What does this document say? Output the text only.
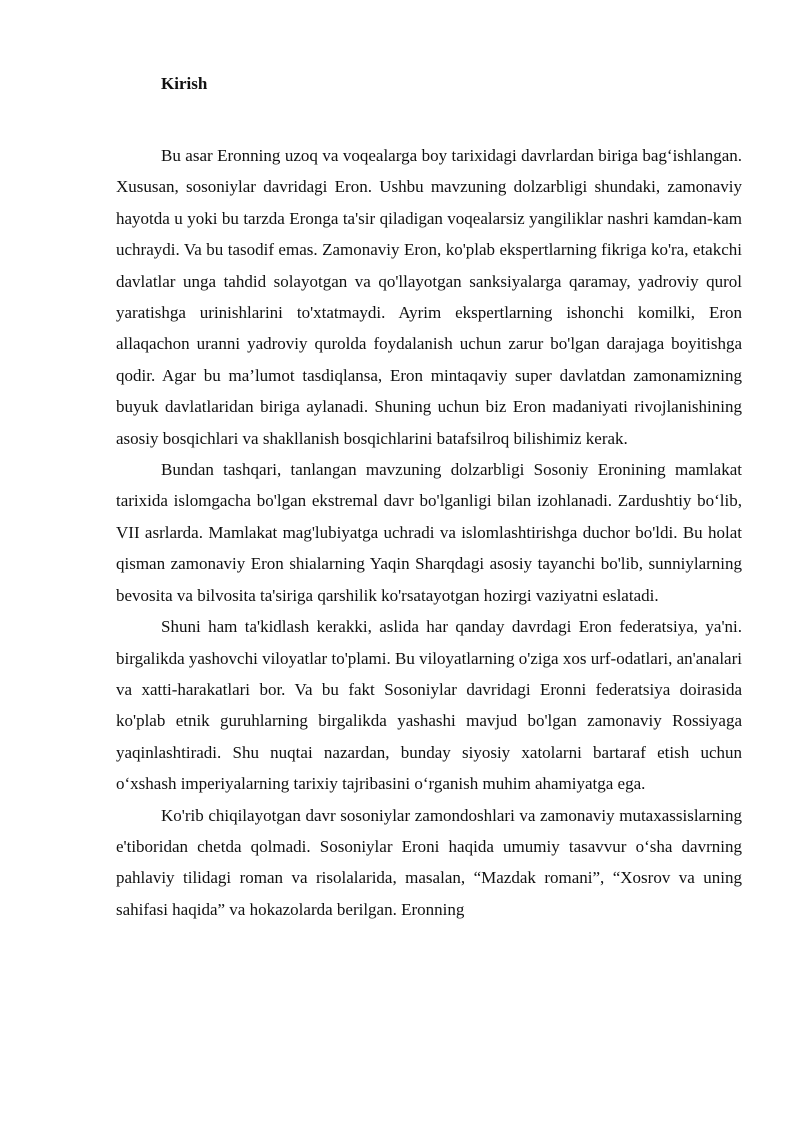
Kirish

Bu asar Eronning uzoq va voqealarga boy tarixidagi davrlardan biriga bag‘ishlangan. Xususan, sosoniylar davridagi Eron. Ushbu mavzuning dolzarbligi shundaki, zamonaviy hayotda u yoki bu tarzda Eronga ta'sir qiladigan voqealarsiz yangiliklar nashri kamdan-kam uchraydi. Va bu tasodif emas. Zamonaviy Eron, ko'plab ekspertlarning fikriga ko'ra, etakchi davlatlar unga tahdid solayotgan va qo'llayotgan sanksiyalarga qaramay, yadroviy qurol yaratishga urinishlarini to'xtatmaydi. Ayrim ekspertlarning ishonchi komilki, Eron allaqachon uranni yadroviy qurolda foydalanish uchun zarur bo'lgan darajaga boyitishga qodir. Agar bu ma’lumot tasdiqlansa, Eron mintaqaviy super davlatdan zamonamizning buyuk davlatlaridan biriga aylanadi. Shuning uchun biz Eron madaniyati rivojlanishining asosiy bosqichlari va shakllanish bosqichlarini batafsilroq bilishimiz kerak.

Bundan tashqari, tanlangan mavzuning dolzarbligi Sosoniy Eronining mamlakat tarixida islomgacha bo'lgan ekstremal davr bo'lganligi bilan izohlanadi. Zardushtiy bo‘lib, VII asrlarda. Mamlakat mag'lubiyatga uchradi va islomlashtirishga duchor bo'ldi. Bu holat qisman zamonaviy Eron shialarning Yaqin Sharqdagi asosiy tayanchi bo'lib, sunniylarning bevosita va bilvosita ta'siriga qarshilik ko'rsatayotgan hozirgi vaziyatni eslatadi.

Shuni ham ta'kidlash kerakki, aslida har qanday davrdagi Eron federatsiya, ya'ni. birgalikda yashovchi viloyatlar to'plami. Bu viloyatlarning o'ziga xos urf-odatlari, an'analari va xatti-harakatlari bor. Va bu fakt Sosoniylar davridagi Eronni federatsiya doirasida ko'plab etnik guruhlarning birgalikda yashashi mavjud bo'lgan zamonaviy Rossiyaga yaqinlashtiradi. Shu nuqtai nazardan, bunday siyosiy xatolarni bartaraf etish uchun o‘xshash imperiyalarning tarixiy tajribasini o‘rganish muhim ahamiyatga ega.

Ko'rib chiqilayotgan davr sosoniylar zamondoshlari va zamonaviy mutaxassislarning e'tiboridan chetda qolmadi. Sosoniylar Eroni haqida umumiy tasavvur o‘sha davrning pahlaviy tilidagi roman va risolalarida, masalan, “Mazdak romani”, “Xosrov va uning sahifasi haqida” va hokazolarda berilgan. Eronning
